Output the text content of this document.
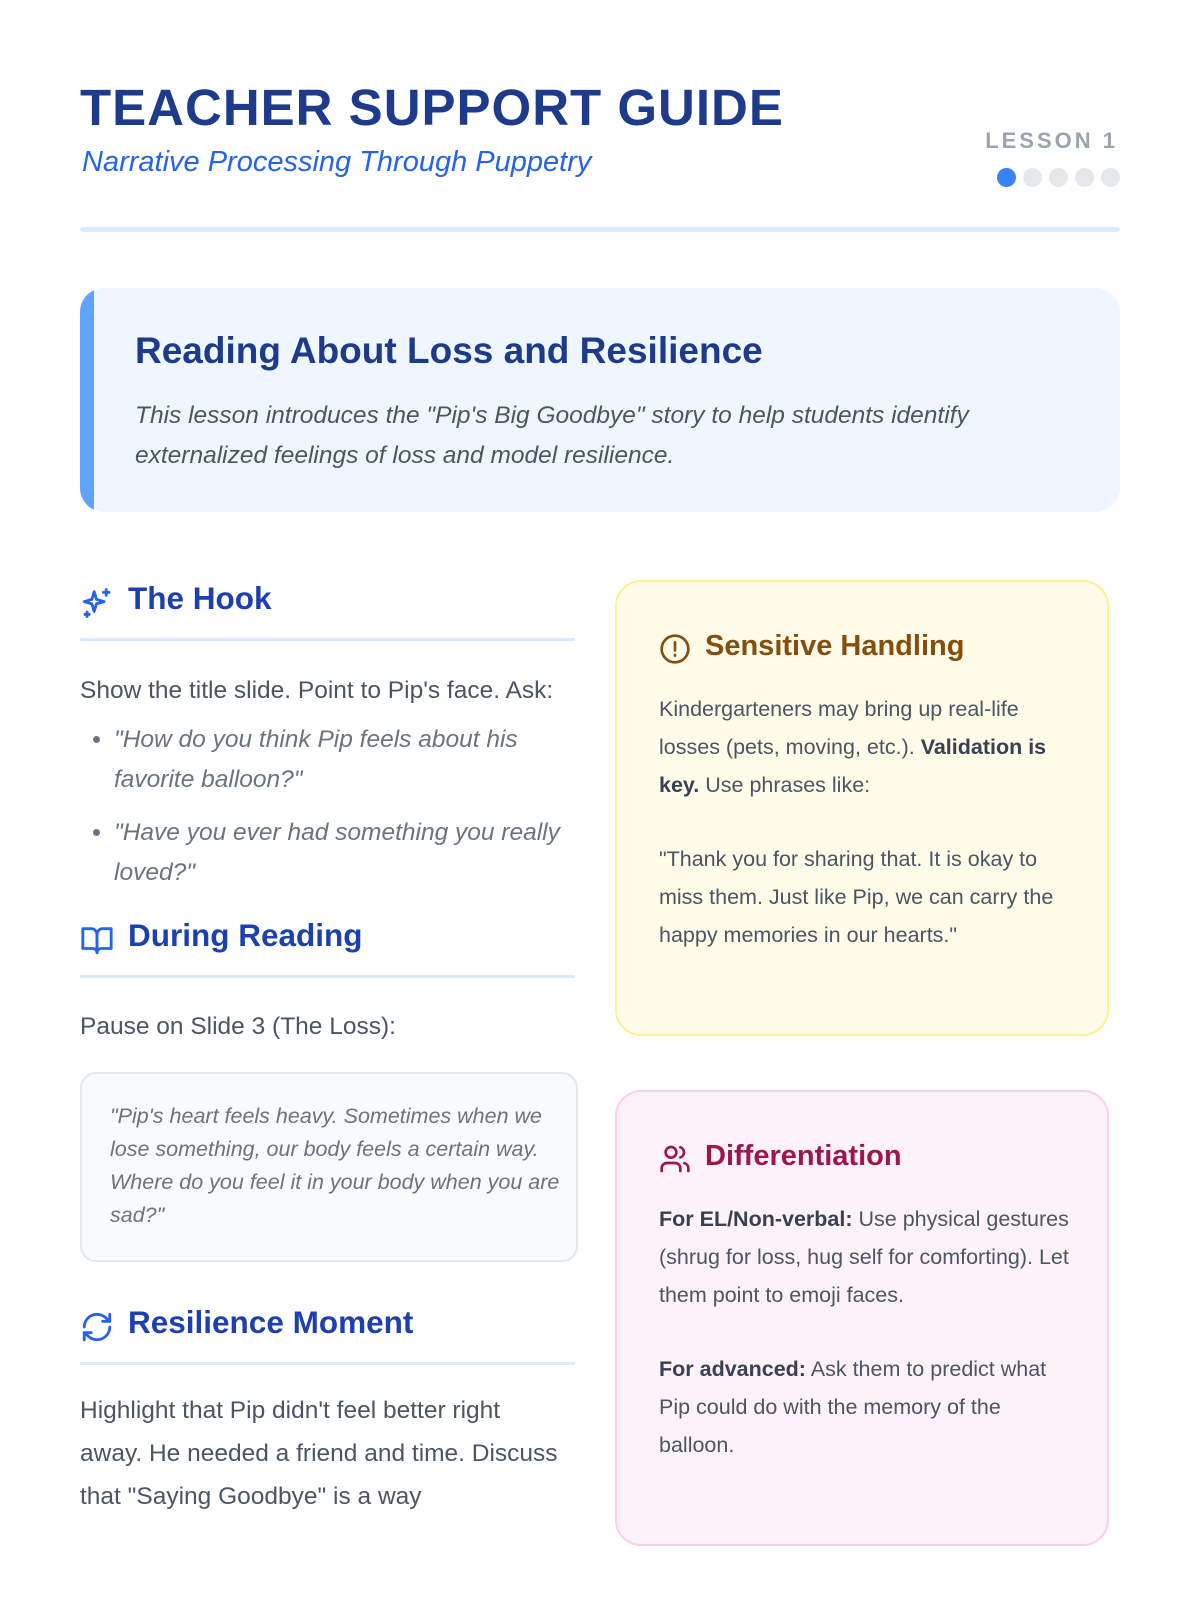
TEACHER SUPPORT GUIDE
Narrative Processing Through Puppetry
LESSON 1
Reading About Loss and Resilience
This lesson introduces the "Pip's Big Goodbye" story to help students identify externalized feelings of loss and model resilience.
The Hook
Show the title slide. Point to Pip's face. Ask:
• "How do you think Pip feels about his favorite balloon?"
• "Have you ever had something you really loved?"
During Reading
Pause on Slide 3 (The Loss):
"Pip's heart feels heavy. Sometimes when we lose something, our body feels a certain way. Where do you feel it in your body when you are sad?"
Resilience Moment
Highlight that Pip didn't feel better right away. He needed a friend and time. Discuss that "Saying Goodbye" is a way
Sensitive Handling

Kindergarteners may bring up real-life losses (pets, moving, etc.). Validation is key. Use phrases like:

"Thank you for sharing that. It is okay to miss them. Just like Pip, we can carry the happy memories in our hearts."

Differentiation

For EL/Non-verbal: Use physical gestures (shrug for loss, hug self for comforting). Let them point to emoji faces.

For advanced: Ask them to predict what Pip could do with the memory of the balloon.
